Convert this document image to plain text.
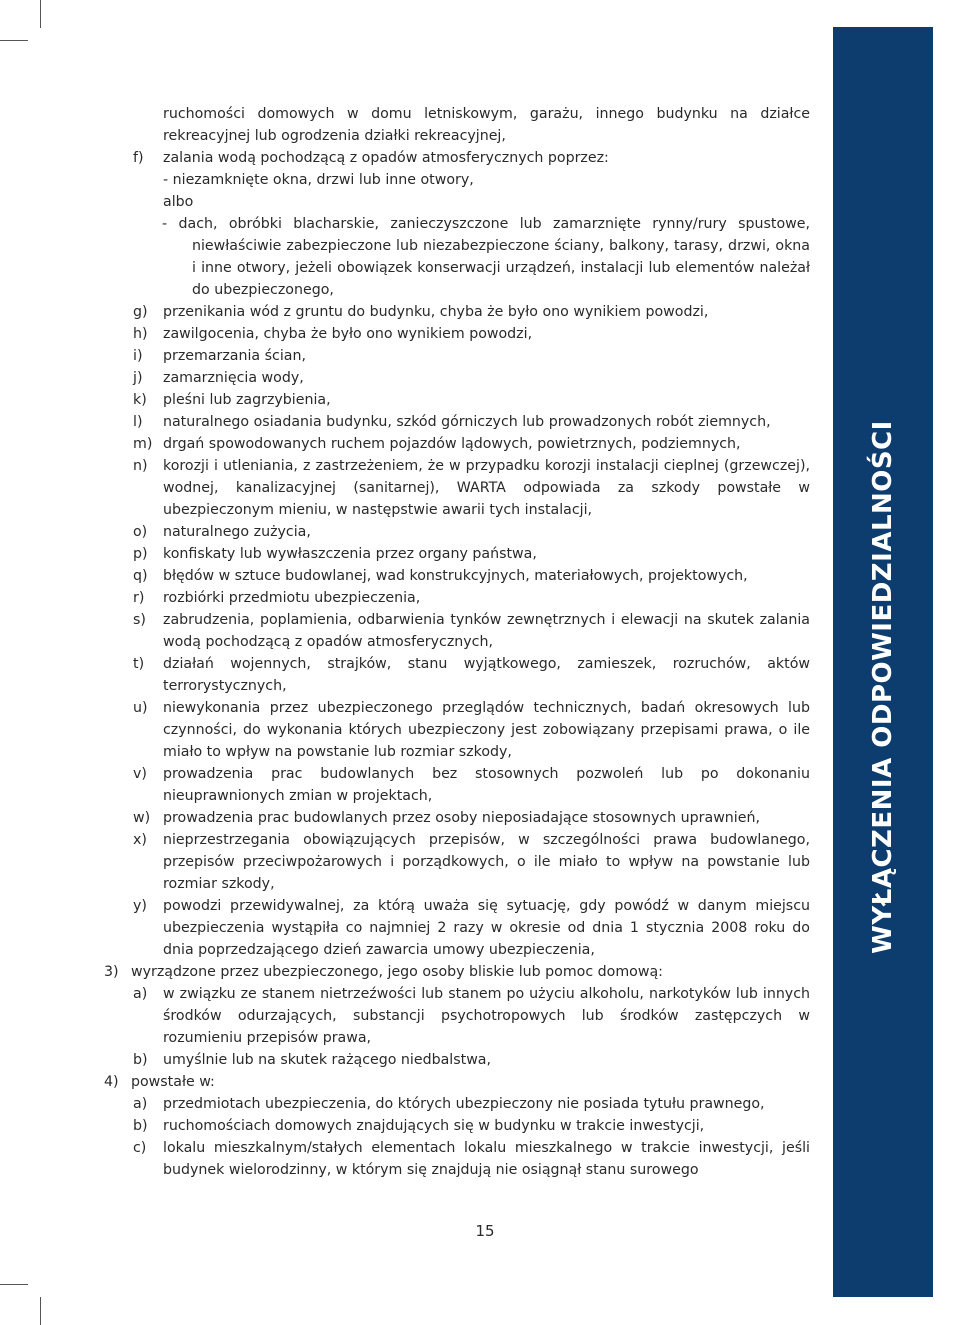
WYŁĄCZENIA ODPOWIEDZIALNOŚCI
ruchomości domowych w domu letniskowym, garażu, innego budynku na działce rekreacyjnej lub ogrodzenia działki rekreacyjnej,
f) zalania wodą pochodzącą z opadów atmosferycznych poprzez:
- niezamknięte okna, drzwi lub inne otwory,
albo
- dach, obróbki blacharskie, zanieczyszczone lub zamarznięte rynny/rury spustowe, niewłaściwie zabezpieczone lub niezabezpieczone ściany, balkony, tarasy, drzwi, okna i inne otwory, jeżeli obowiązek konserwacji urządzeń, instalacji lub elementów należał do ubezpieczonego,
g) przenikania wód z gruntu do budynku, chyba że było ono wynikiem powodzi,
h) zawilgocenia, chyba że było ono wynikiem powodzi,
i) przemarzania ścian,
j) zamarznięcia wody,
k) pleśni lub zagrzybienia,
l) naturalnego osiadania budynku, szkód górniczych lub prowadzonych robót ziemnych,
m) drgań spowodowanych ruchem pojazdów lądowych, powietrznych, podziemnych,
n) korozji i utleniania, z zastrzeżeniem, że w przypadku korozji instalacji cieplnej (grzewczej), wodnej, kanalizacyjnej (sanitarnej), WARTA odpowiada za szkody powstałe w ubezpieczonym mieniu, w następstwie awarii tych instalacji,
o) naturalnego zużycia,
p) konfiskaty lub wywłaszczenia przez organy państwa,
q) błędów w sztuce budowlanej, wad konstrukcyjnych, materiałowych, projektowych,
r) rozbiórki przedmiotu ubezpieczenia,
s) zabrudzenia, poplamienia, odbarwienia tynków zewnętrznych i elewacji na skutek zalania wodą pochodzącą z opadów atmosferycznych,
t) działań wojennych, strajków, stanu wyjątkowego, zamieszek, rozruchów, aktów terrorystycznych,
u) niewykonania przez ubezpieczonego przeglądów technicznych, badań okresowych lub czynności, do wykonania których ubezpieczony jest zobowiązany przepisami prawa, o ile miało to wpływ na powstanie lub rozmiar szkody,
v) prowadzenia prac budowlanych bez stosownych pozwoleń lub po dokonaniu nieuprawnionych zmian w projektach,
w) prowadzenia prac budowlanych przez osoby nieposiadające stosownych uprawnień,
x) nieprzestrzegania obowiązujących przepisów, w szczególności prawa budowlanego, przepisów przeciwpożarowych i porządkowych, o ile miało to wpływ na powstanie lub rozmiar szkody,
y) powodzi przewidywalnej, za którą uważa się sytuację, gdy powódź w danym miejscu ubezpieczenia wystąpiła co najmniej 2 razy w okresie od dnia 1 stycznia 2008 roku do dnia poprzedzającego dzień zawarcia umowy ubezpieczenia,
3) wyrządzone przez ubezpieczonego, jego osoby bliskie lub pomoc domową:
a) w związku ze stanem nietrzeźwości lub stanem po użyciu alkoholu, narkotyków lub innych środków odurzających, substancji psychotropowych lub środków zastępczych w rozumieniu przepisów prawa,
b) umyślnie lub na skutek rażącego niedbalstwa,
4) powstałe w:
a) przedmiotach ubezpieczenia, do których ubezpieczony nie posiada tytułu prawnego,
b) ruchomościach domowych znajdujących się w budynku w trakcie inwestycji,
c) lokalu mieszkalnym/stałych elementach lokalu mieszkalnego w trakcie inwestycji, jeśli budynek wielorodzinny, w którym się znajdują nie osiągnął stanu surowego
15
